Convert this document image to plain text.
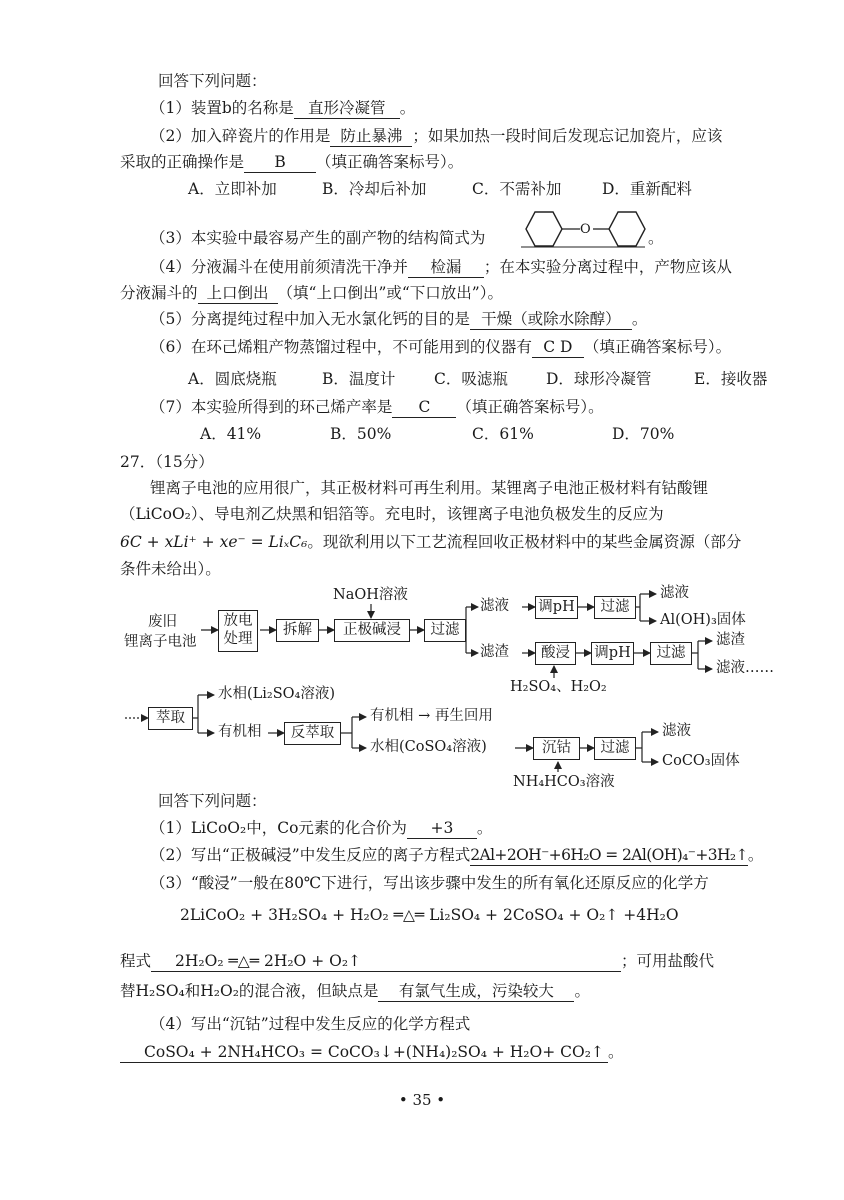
回答下列问题：
（1）装置b的名称是 直形冷凝管 。
（2）加入碎瓷片的作用是 防止暴沸 ；如果加热一段时间后发现忘记加瓷片，应该
采取的正确操作是 B （填正确答案标号）。
A．立即补加	B．冷却后补加	C．不需补加	D．重新配料
（3）本实验中最容易产生的副产物的结构简式为	O	。
（4）分液漏斗在使用前须清洗干净并 检漏 ；在本实验分离过程中，产物应该从
分液漏斗的 上口倒出 （填“上口倒出”或“下口放出”）。
（5）分离提纯过程中加入无水氯化钙的目的是 干燥（或除水除醇） 。
（6）在环己烯粗产物蒸馏过程中，不可能用到的仪器有 C D （填正确答案标号）。
A．圆底烧瓶	B．温度计 C．吸滤瓶 D．球形冷凝管	E．接收器
（7）本实验所得到的环己烯产率是 C （填正确答案标号）。
A．41%	B．50%	C．61%	D．70%
27．（15分）
锂离子电池的应用很广，其正极材料可再生利用。某锂离子电池正极材料有钴酸锂
（LiCoO₂）、导电剂乙炔黑和铝箔等。充电时，该锂离子电池负极发生的反应为
6C + xLi⁺ + xe⁻ = LiₓC₆。现欲利用以下工艺流程回收正极材料中的某些金属资源（部分
条件未给出）。
废旧
锂离子电池
放电
处理
拆解
NaOH溶液
正极碱浸	过滤
滤液 调pH	过滤
滤液
Al(OH)₃固体
滤渣	酸浸
H₂SO₄、H₂O₂
调pH	过滤
滤渣
滤液……
萃取
水相(Li₂SO₄溶液)
有机相	反萃取
有机相 → 再生回用
水相(CoSO₄溶液)	沉钴
NH₄HCO₃溶液
过滤
滤液
CoCO₃固体
回答下列问题：
（1）LiCoO₂中，Co元素的化合价为 +3 。
（2）写出“正极碱浸”中发生反应的离子方程式2Al+2OH⁻+6H₂O = 2Al(OH)₄⁻+3H₂↑。
（3）“酸浸”一般在80℃下进行，写出该步骤中发生的所有氧化还原反应的化学方
2LiCoO₂ + 3H₂SO₄ + H₂O₂ ═△═ Li₂SO₄ + 2CoSO₄ + O₂↑ +4H₂O
程式 2H₂O₂ ═△═ 2H₂O + O₂↑	；可用盐酸代
替H₂SO₄和H₂O₂的混合液，但缺点是 有氯气生成，污染较大 。
（4）写出“沉钴”过程中发生反应的化学方程式
CoSO₄ + 2NH₄HCO₃ = CoCO₃↓+(NH₄)₂SO₄ + H₂O+ CO₂↑ 。
• 35 •
